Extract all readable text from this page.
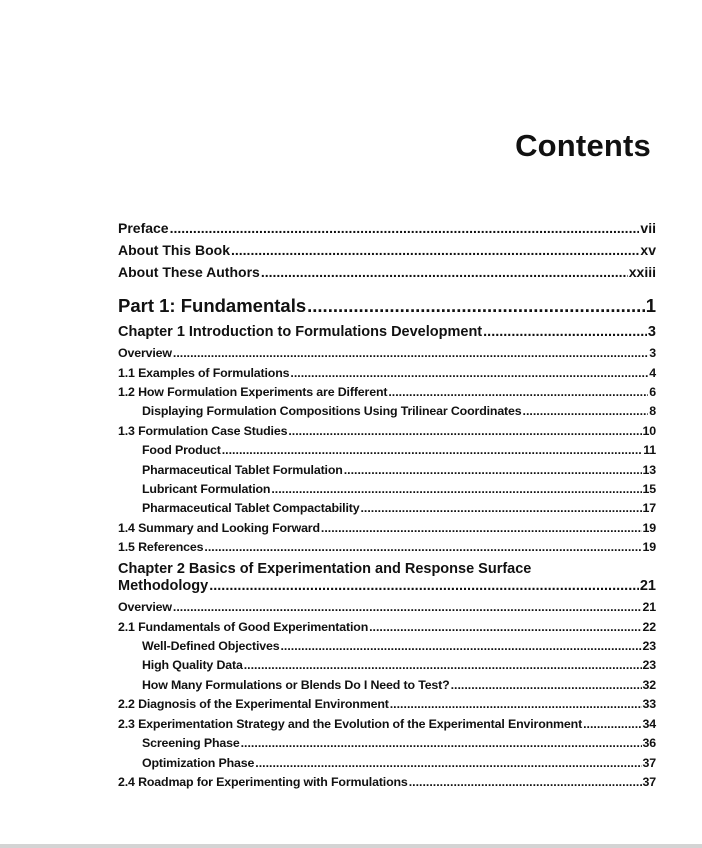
Contents
Preface .....	vii
About This Book .....	xv
About These Authors .....	xxiii
Part 1: Fundamentals .....	1
Chapter 1 Introduction to Formulations Development .....	3
Overview .....	3
1.1 Examples of Formulations .....	4
1.2 How Formulation Experiments are Different .....	6
Displaying Formulation Compositions Using Trilinear Coordinates .....	8
1.3 Formulation Case Studies .....	10
Food Product .....	11
Pharmaceutical Tablet Formulation .....	13
Lubricant Formulation .....	15
Pharmaceutical Tablet Compactability .....	17
1.4 Summary and Looking Forward .....	19
1.5 References .....	19
Chapter 2 Basics of Experimentation and Response Surface
Methodology .....	21
Overview .....	21
2.1 Fundamentals of Good Experimentation .....	22
Well-Defined Objectives .....	23
High Quality Data .....	23
How Many Formulations or Blends Do I Need to Test? .....	32
2.2 Diagnosis of the Experimental Environment .....	33
2.3 Experimentation Strategy and the Evolution of the Experimental Environment .....	34
Screening Phase .....	36
Optimization Phase .....	37
2.4 Roadmap for Experimenting with Formulations .....	37
